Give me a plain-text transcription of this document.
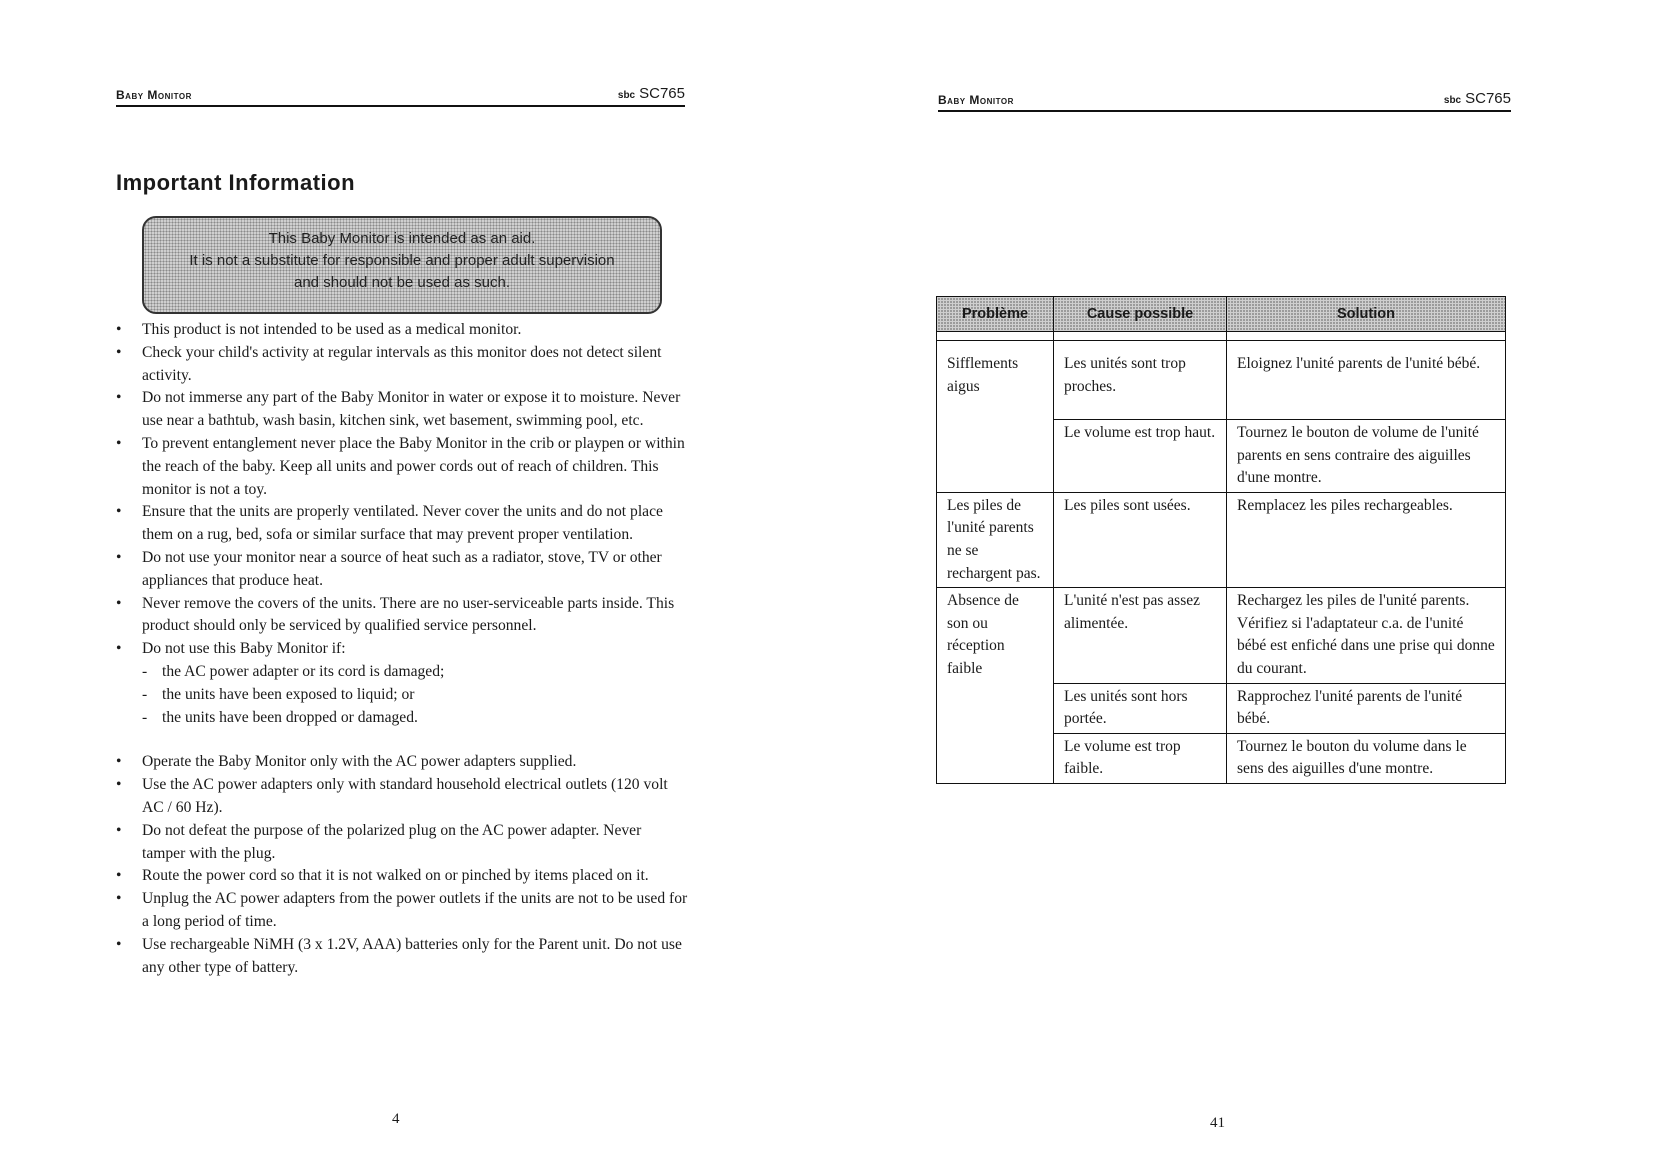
Baby Monitor	sbc SC765
Important Information
This Baby Monitor is intended as an aid.
It is not a substitute for responsible and proper adult supervision
and should not be used as such.
• This product is not intended to be used as a medical monitor.
• Check your child's activity at regular intervals as this monitor does not detect silent activity.
• Do not immerse any part of the Baby Monitor in water or expose it to moisture. Never use near a bathtub, wash basin, kitchen sink, wet basement, swimming pool, etc.
• To prevent entanglement never place the Baby Monitor in the crib or playpen or within the reach of the baby. Keep all units and power cords out of reach of children. This monitor is not a toy.
• Ensure that the units are properly ventilated. Never cover the units and do not place them on a rug, bed, sofa or similar surface that may prevent proper ventilation.
• Do not use your monitor near a source of heat such as a radiator, stove, TV or other appliances that produce heat.
• Never remove the covers of the units. There are no user-serviceable parts inside. This product should only be serviced by qualified service personnel.
• Do not use this Baby Monitor if:
- the AC power adapter or its cord is damaged;
- the units have been exposed to liquid; or
- the units have been dropped or damaged.
• Operate the Baby Monitor only with the AC power adapters supplied.
• Use the AC power adapters only with standard household electrical outlets (120 volt AC / 60 Hz).
• Do not defeat the purpose of the polarized plug on the AC power adapter. Never tamper with the plug.
• Route the power cord so that it is not walked on or pinched by items placed on it.
• Unplug the AC power adapters from the power outlets if the units are not to be used for a long period of time.
• Use rechargeable NiMH (3 x 1.2V, AAA) batteries only for the Parent unit. Do not use any other type of battery.
4
Baby Monitor	sbc SC765
Problème	Cause possible	Solution

Sifflements aigus	Les unités sont trop proches.	Eloignez l'unité parents de l'unité bébé.
	Le volume est trop haut.	Tournez le bouton de volume de l'unité parents en sens contraire des aiguilles d'une montre.
Les piles de l'unité parents ne se rechargent pas.	Les piles sont usées.	Remplacez les piles rechargeables.
Absence de son ou réception faible	L'unité n'est pas assez alimentée.	Rechargez les piles de l'unité parents. Vérifiez si l'adaptateur c.a. de l'unité bébé est enfiché dans une prise qui donne du courant.
	Les unités sont hors portée.	Rapprochez l'unité parents de l'unité bébé.
	Le volume est trop faible.	Tournez le bouton du volume dans le sens des aiguilles d'une montre.
41
